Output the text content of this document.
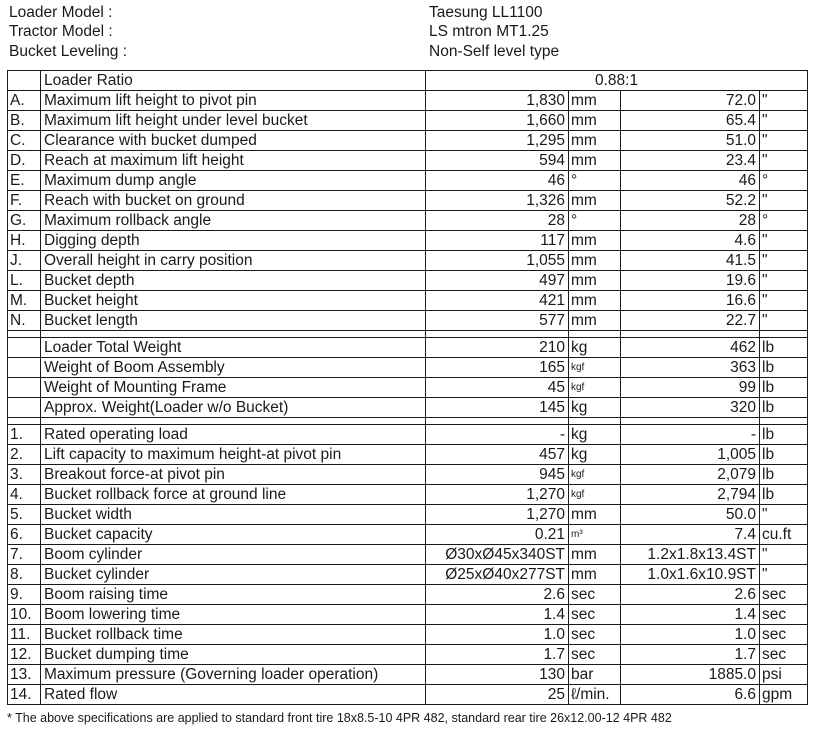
Loader Model :	Taesung LL1100
Tractor Model :	LS mtron MT1.25
Bucket Leveling :	Non-Self level type
	Loader Ratio	0.88:1			
A.	Maximum lift height to pivot pin	1,830	mm	72.0	"
B.	Maximum lift height under level bucket	1,660	mm	65.4	"
C.	Clearance with bucket dumped	1,295	mm	51.0	"
D.	Reach at maximum lift height	594	mm	23.4	"
E.	Maximum dump angle	46	°	46	°
F.	Reach with bucket on ground	1,326	mm	52.2	"
G.	Maximum rollback angle	28	°	28	°
H.	Digging depth	117	mm	4.6	"
J.	Overall height in carry position	1,055	mm	41.5	"
L.	Bucket depth	497	mm	19.6	"
M.	Bucket height	421	mm	16.6	"
N.	Bucket length	577	mm	22.7	"

	Loader Total Weight	210	kg	462	lb
	Weight of Boom Assembly	165	kgf	363	lb
	Weight of Mounting Frame	45	kgf	99	lb
	Approx. Weight(Loader w/o Bucket)	145	kg	320	lb

1.	Rated operating load	-	kg	-	lb
2.	Lift capacity to maximum height-at pivot pin	457	kg	1,005	lb
3.	Breakout force-at pivot pin	945	kgf	2,079	lb
4.	Bucket rollback force at ground line	1,270	kgf	2,794	lb
5.	Bucket width	1,270	mm	50.0	"
6.	Bucket capacity	0.21	m³	7.4	cu.ft
7.	Boom cylinder	Ø30xØ45x340ST	mm	1.2x1.8x13.4ST	"
8.	Bucket cylinder	Ø25xØ40x277ST	mm	1.0x1.6x10.9ST	"
9.	Boom raising time	2.6	sec	2.6	sec
10.	Boom lowering time	1.4	sec	1.4	sec
11.	Bucket rollback time	1.0	sec	1.0	sec
12.	Bucket dumping time	1.7	sec	1.7	sec
13.	Maximum pressure (Governing loader operation)	130	bar	1885.0	psi
14.	Rated flow	25	ℓ/min.	6.6	gpm
* The above specifications are applied to standard front tire 18x8.5-10 4PR 482, standard rear tire 26x12.00-12 4PR 482
